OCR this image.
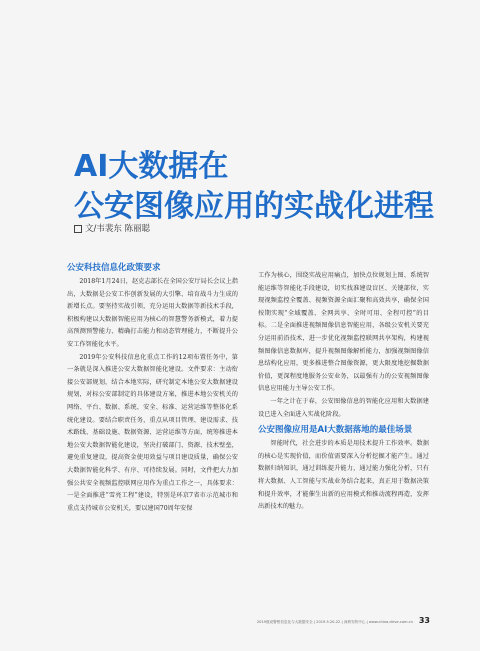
AI大数据在
公安图像应用的实战化进程
文/韦裴东 陈丽聪
公安科技信息化政策要求

2018年1月24日，赵克志部长在全国公安厅局长会议上指出，大数据是公安工作创新发展的大引擎、培育战斗力生成的新增长点。要坚持实战引领，充分运用大数据等新技术手段，积极构建以大数据智能应用为核心的智慧警务新模式，着力提高预测预警能力、精确打击能力和动态管理能力，不断提升公安工作智能化水平。

2019年公安科技信息化重点工作的12项布置任务中，第一条就是深入推进公安大数据智能化建设。文件要求：主动衔接公安部规划，结合本地实际，研究制定本地公安大数据建设规划，对标公安部制定的具体建设方案，推进本地公安机关的网络、平台、数据、系统、安全、标准、运营运维等整体化系统化建设。要结合职责任务，重点从项目管理、建设需求、技术路线、基础设施、数据资源、运营运维等方面，统筹推进本地公安大数据智能化建设，坚决打破部门、资源、技术壁垒，避免重复建设，提高资金使用效益与项目建设质量，确保公安大数据智能化科学、有序、可持续发展。同时，文件把大力加强公共安全视频监控联网应用作为重点工作之一，具体要求：一是全面推进“雪亮工程”建设，特别是环京7省市示范城市和重点支持城市公安机关，要以建国70周年安保

工作为核心，围绕实战应用痛点，加快点位规划上图、系统智能运维等智能化手段建设，切实找准建设盲区、关键部位，实现视频监控全覆盖、视频资源全面汇聚和高效共享，确保全国按期实现“全域覆盖、全网共享、全时可用、全程可控”的目标。二是全面推进视频图像信息智能应用，各级公安机关要充分运用前沿技术，进一步优化视频监控联网共享架构，构建视频图像信息数据库，提升视频图像解析能力，加强视频图像信息结构化应用，更多推进整合图像资源，更大限度地挖掘数据价值，更深程度地服务公安业务，以最强有力的公安视频图像信息应用能力主导公安工作。

一年之计在于春，公安图像信息的智能化应用和大数据建设已进入全面进入实战化阶段。

公安图像应用是AI大数据落地的最佳场景

智能时代，社会进步的本质是用技术提升工作效率。数据的核心是实现价值，而价值需要深入分析挖掘才能产生。通过数据归纳知识，通过训练提升能力，通过能力强化分析，只有将大数据、人工智能与实战业务结合起来，真正用于数据决策和提升效率，才能催生出新的应用模式和推动流程再造，发挥出新技术的魅力。

2019数说警察信息化与大数据安全 | 2019.5.20-22 | 深圳安防中心 | www.china-drive.com.cn 33
